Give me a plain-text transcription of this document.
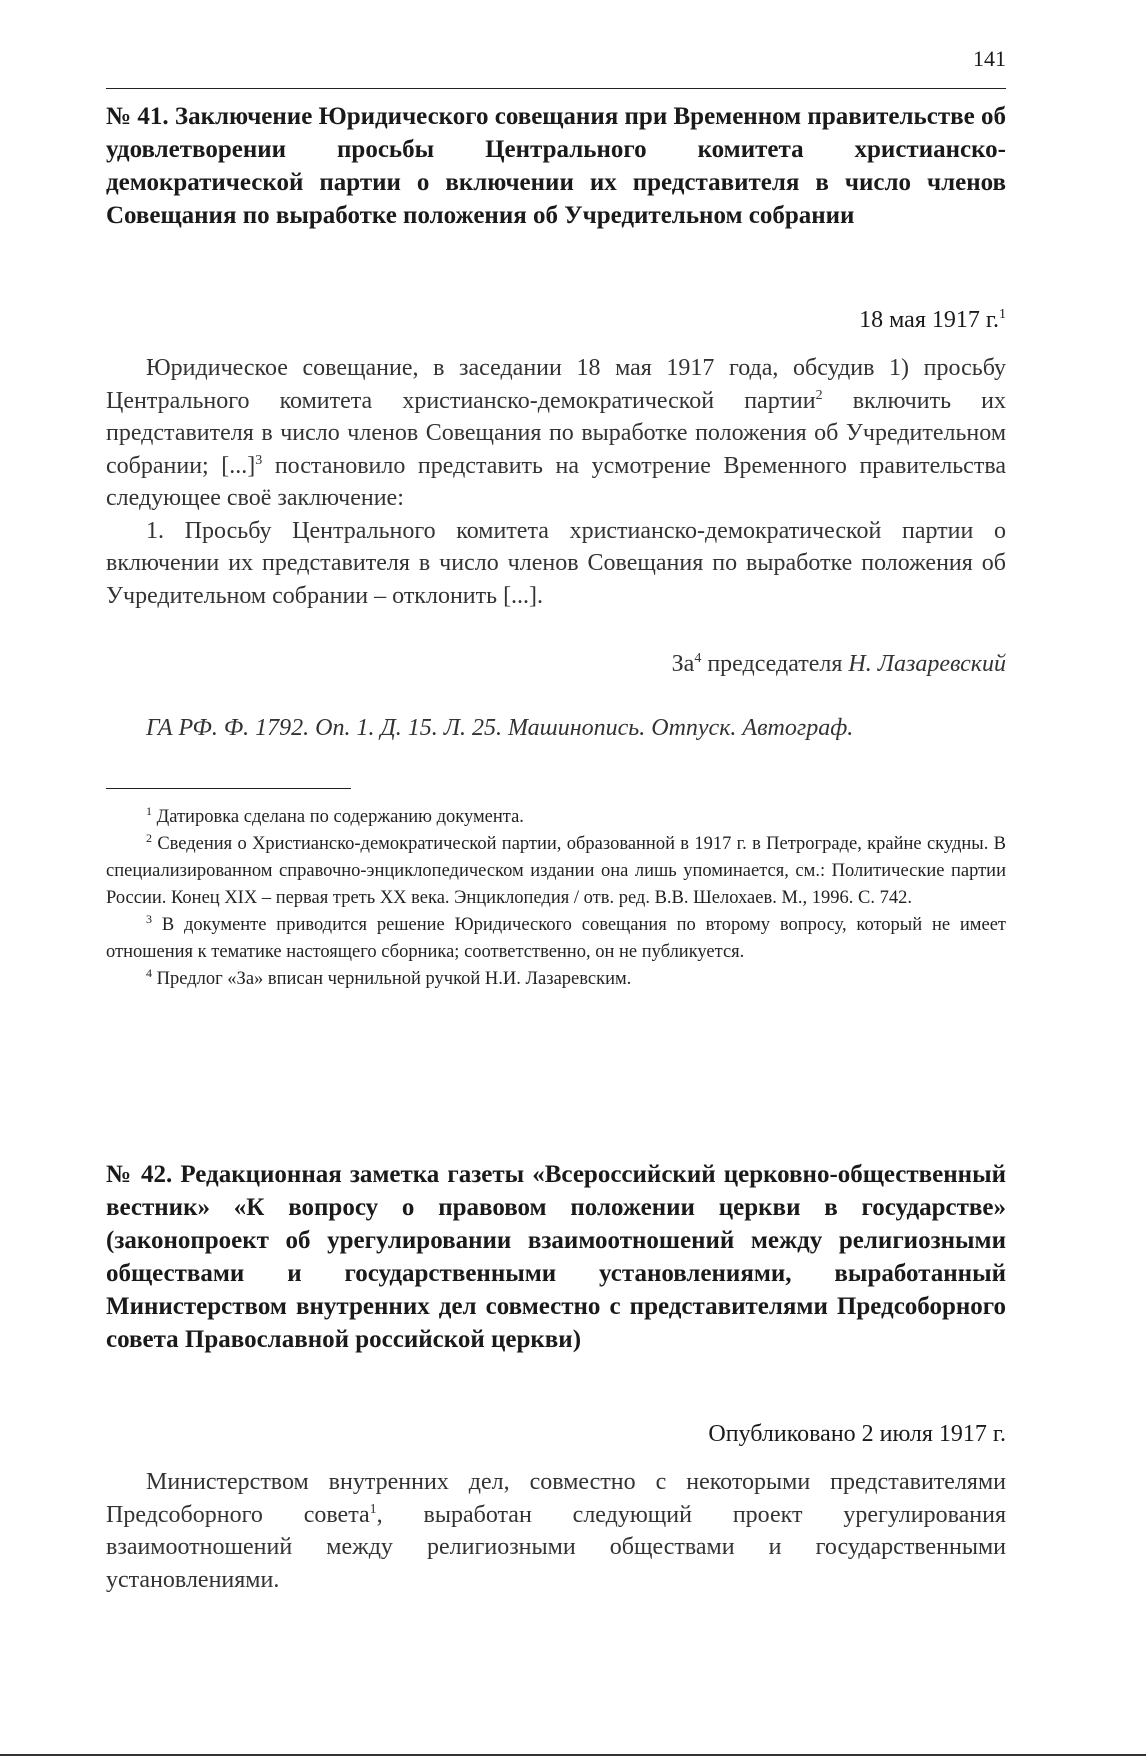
141
№ 41. Заключение Юридического совещания при Временном правительстве об удовлетворении просьбы Центрального комитета христианско-демократической партии о включении их представителя в число членов Совещания по выработке положения об Учредительном собрании
18 мая 1917 г.$^1$

Юридическое совещание, в заседании 18 мая 1917 года, обсудив 1) просьбу Центрального комитета христианско-демократической партии$^2$ включить их представителя в число членов Совещания по выработке положения об Учредительном собрании; [...]$^3$ постановило представить на усмотрение Временного правительства следующее своё заключение:

1. Просьбу Центрального комитета христианско-демократической партии о включении их представителя в число членов Совещания по выработке положения об Учредительном собрании – отклонить [...].

$За^4$ председателя Н. Лазаревский
ГА РФ. Ф. 1792. Оп. 1. Д. 15. Л. 25. Машинопись. Отпуск. Автограф.

$^1$ Датировка сделана по содержанию документа.

$^2$ Сведения о Христианско-демократической партии, образованной в 1917 г. в Петрограде, крайне скудны. В специализированном справочно-энциклопедическом издании она лишь упоминается, см.: Политические партии России. Конец XIX – первая треть XX века. Энциклопедия / отв. ред. В.В. Шелохаев. М., 1996. С. 742.

$^3$ В документе приводится решение Юридического совещания по второму вопросу, который не имеет отношения к тематике настоящего сборника; соответственно, он не публикуется.

$^4$ Предлог «За» вписан чернильной ручкой Н.И. Лазаревским.

№ 42. Редакционная заметка газеты «Всероссийский церковно-общественный вестник» «К вопросу о правовом положении церкви в государстве» (законопроект об урегулировании взаимоотношений между религиозными обществами и государственными установлениями, выработанный Министерством внутренних дел совместно с представителями Предсоборного совета Православной российской церкви)
Опубликовано 2 июля 1917 г.

Министерством внутренних дел, совместно с некоторыми представителями Предсоборного совета$^1$, выработан следующий проект урегулирования взаимоотношений между религиозными обществами и государственными установлениями.
